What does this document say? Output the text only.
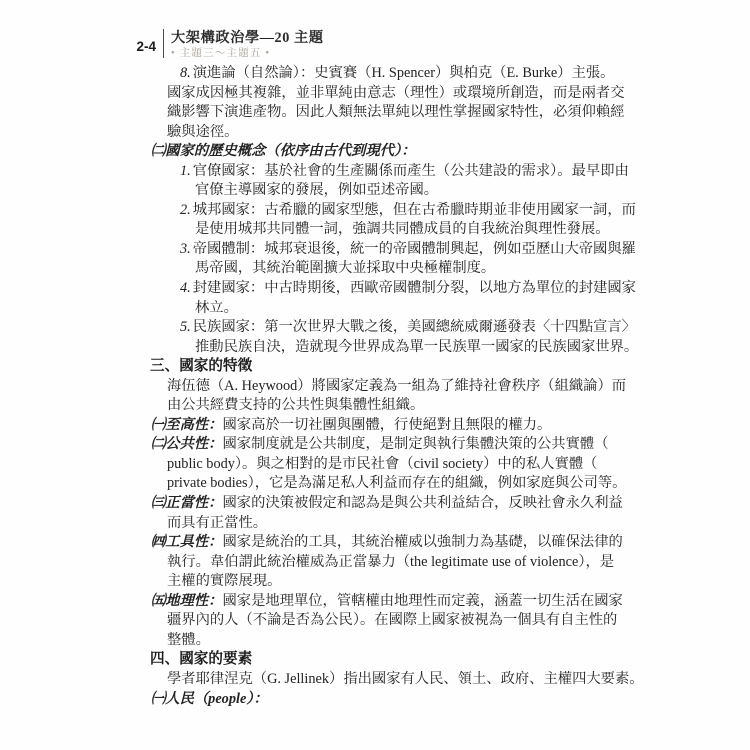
2-4
大架構政治學—20 主題
• 主題三～主題五 •
8. 演進論（自然論）：史賓賽（H. Spencer）與柏克（E. Burke）主張。
國家成因極其複雜，並非單純由意志（理性）或環境所創造，而是兩者交
織影響下演進產物。因此人類無法單純以理性掌握國家特性，必須仰賴經
驗與途徑。
㈡國家的歷史概念（依序由古代到現代）：
1. 官僚國家：基於社會的生產關係而產生（公共建設的需求）。最早即由
官僚主導國家的發展，例如亞述帝國。
2. 城邦國家：古希臘的國家型態，但在古希臘時期並非使用國家一詞，而
是使用城邦共同體一詞，強調共同體成員的自我統治與理性發展。
3. 帝國體制：城邦衰退後，統一的帝國體制興起，例如亞歷山大帝國與羅
馬帝國，其統治範圍擴大並採取中央極權制度。
4. 封建國家：中古時期後，西歐帝國體制分裂，以地方為單位的封建國家
林立。
5. 民族國家：第一次世界大戰之後，美國總統威爾遜發表〈十四點宣言〉
推動民族自決，造就現今世界成為單一民族單一國家的民族國家世界。
三、國家的特徵
海伍德（A. Heywood）將國家定義為一組為了維持社會秩序（組織論）而
由公共經費支持的公共性與集體性組織。
㈠至高性：國家高於一切社團與團體，行使絕對且無限的權力。
㈡公共性：國家制度就是公共制度，是制定與執行集體決策的公共實體（
public body）。與之相對的是市民社會（civil society）中的私人實體（
private bodies），它是為滿足私人利益而存在的組織，例如家庭與公司等。
㈢正當性：國家的決策被假定和認為是與公共利益結合，反映社會永久利益
而具有正當性。
㈣工具性：國家是統治的工具，其統治權威以強制力為基礎，以確保法律的
執行。韋伯謂此統治權威為正當暴力（the legitimate use of violence），是
主權的實際展現。
㈤地理性：國家是地理單位，管轄權由地理性而定義，涵蓋一切生活在國家
疆界內的人（不論是否為公民）。在國際上國家被視為一個具有自主性的
整體。
四、國家的要素
學者耶律涅克（G. Jellinek）指出國家有人民、領土、政府、主權四大要素。
㈠人民（people）：
